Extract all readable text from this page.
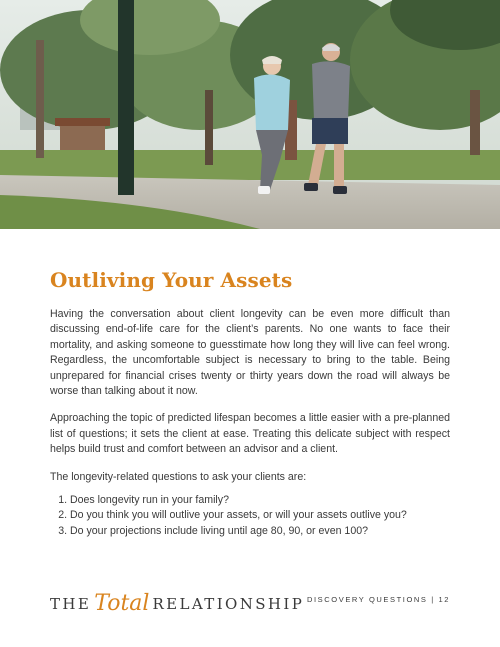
Outliving Your Assets

Having the conversation about client longevity can be even more difficult than discussing end-of-life care for the client’s parents. No one wants to face their mortality, and asking someone to guesstimate how long they will live can feel wrong. Regardless, the uncomfortable subject is necessary to bring to the table. Being unprepared for financial crises twenty or thirty years down the road will always be worse than talking about it now.

Approaching the topic of predicted lifespan becomes a little easier with a pre-planned list of questions; it sets the client at ease. Treating this delicate subject with respect helps build trust and comfort between an advisor and a client.

The longevity-related questions to ask your clients are:

1. Does longevity run in your family?
2. Do you think you will outlive your assets, or will your assets outlive you?
3. Do your projections include living until age 80, 90, or even 100?
THE Total RELATIONSHIP DISCOVERY QUESTIONS | 12
